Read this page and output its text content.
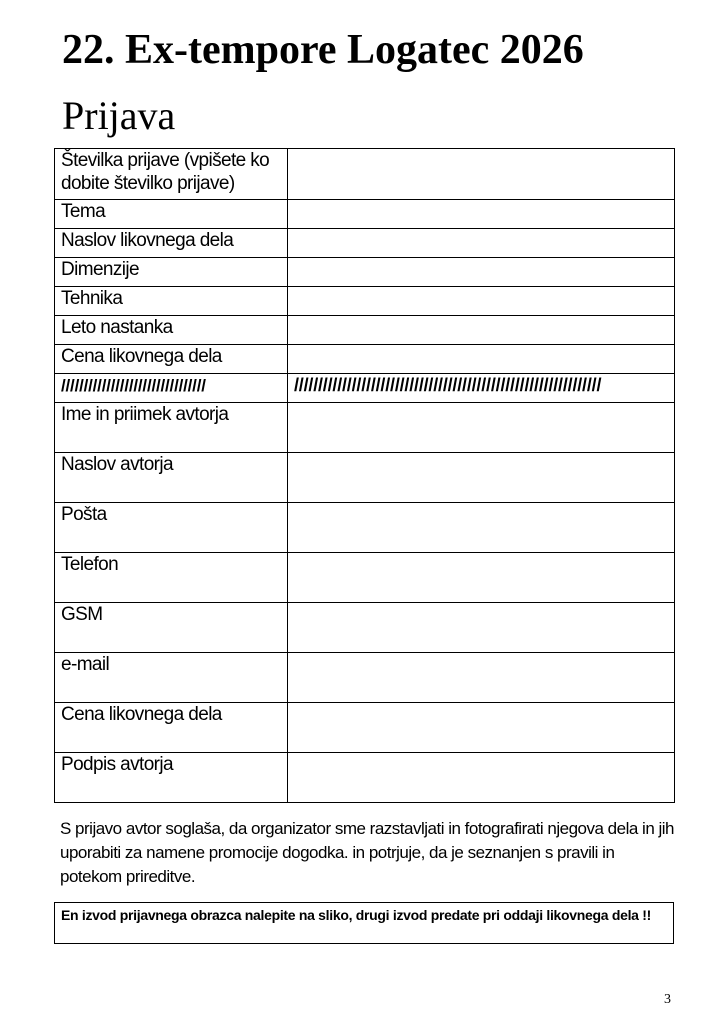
22. Ex-tempore Logatec 2026
Prijava
Številka prijave (vpišete ko dobite številko prijave)	
Tema	
Naslov likovnega dela	
Dimenzije	
Tehnika	
Leto nastanka	
Cena likovnega dela	
////////////////////////////////	////////////////////////////////////////////////////////////////
Ime in priimek avtorja	
Naslov avtorja	
Pošta	
Telefon	
GSM	
e-mail	
Cena likovnega dela	
Podpis avtorja	

S prijavo avtor soglaša, da organizator sme razstavljati in fotografirati njegova dela in jih uporabiti za namene promocije dogodka. in potrjuje, da je seznanjen s pravili in potekom prireditve.

En izvod prijavnega obrazca nalepite na sliko, drugi izvod predate pri oddaji likovnega dela !!
3
